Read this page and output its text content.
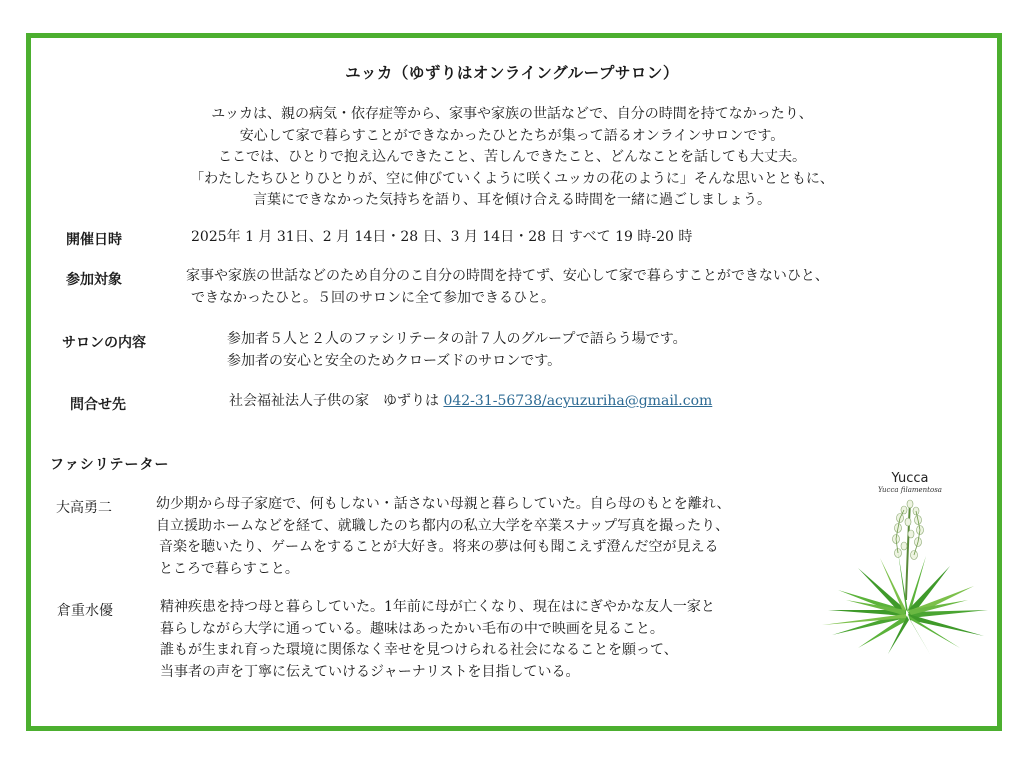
ユッカ（ゆずりはオンライングループサロン）
ユッカは、親の病気・依存症等から、家事や家族の世話などで、自分の時間を持てなかったり、
安心して家で暮らすことができなかったひとたちが集って語るオンラインサロンです。
ここでは、ひとりで抱え込んできたこと、苦しんできたこと、どんなことを話しても大丈夫。
「わたしたちひとりひとりが、空に伸びていくように咲くユッカの花のように」そんな思いとともに、
言葉にできなかった気持ちを語り、耳を傾け合える時間を一緒に過ごしましょう。
開催日時	2025年 1 月 31日、2 月 14日・28 日、3 月 14日・28 日 すべて 19 時-20 時
参加対象	家事や家族の世話などのため自分のこ自分の時間を持てず、安心して家で暮らすことができないひと、
できなかったひと。５回のサロンに全て参加できるひと。
サロンの内容	参加者５人と２人のファシリテータの計７人のグループで語らう場です。
参加者の安心と安全のためクローズドのサロンです。
問合せ先	社会福祉法人子供の家　ゆずりは 042-31-56738/acyuzuriha@gmail.com
ファシリテーター
大高勇二	幼少期から母子家庭で、何もしない・話さない母親と暮らしていた。自ら母のもとを離れ、
自立援助ホームなどを経て、就職したのち都内の私立大学を卒業スナップ写真を撮ったり、
音楽を聴いたり、ゲームをすることが大好き。将来の夢は何も聞こえず澄んだ空が見える
ところで暮らすこと。
倉重水優	精神疾患を持つ母と暮らしていた。1年前に母が亡くなり、現在はにぎやかな友人一家と
暮らしながら大学に通っている。趣味はあったかい毛布の中で映画を見ること。
誰もが生まれ育った環境に関係なく幸せを見つけられる社会になることを願って、
当事者の声を丁寧に伝えていけるジャーナリストを目指している。
Yucca
Yucca filamentosa
